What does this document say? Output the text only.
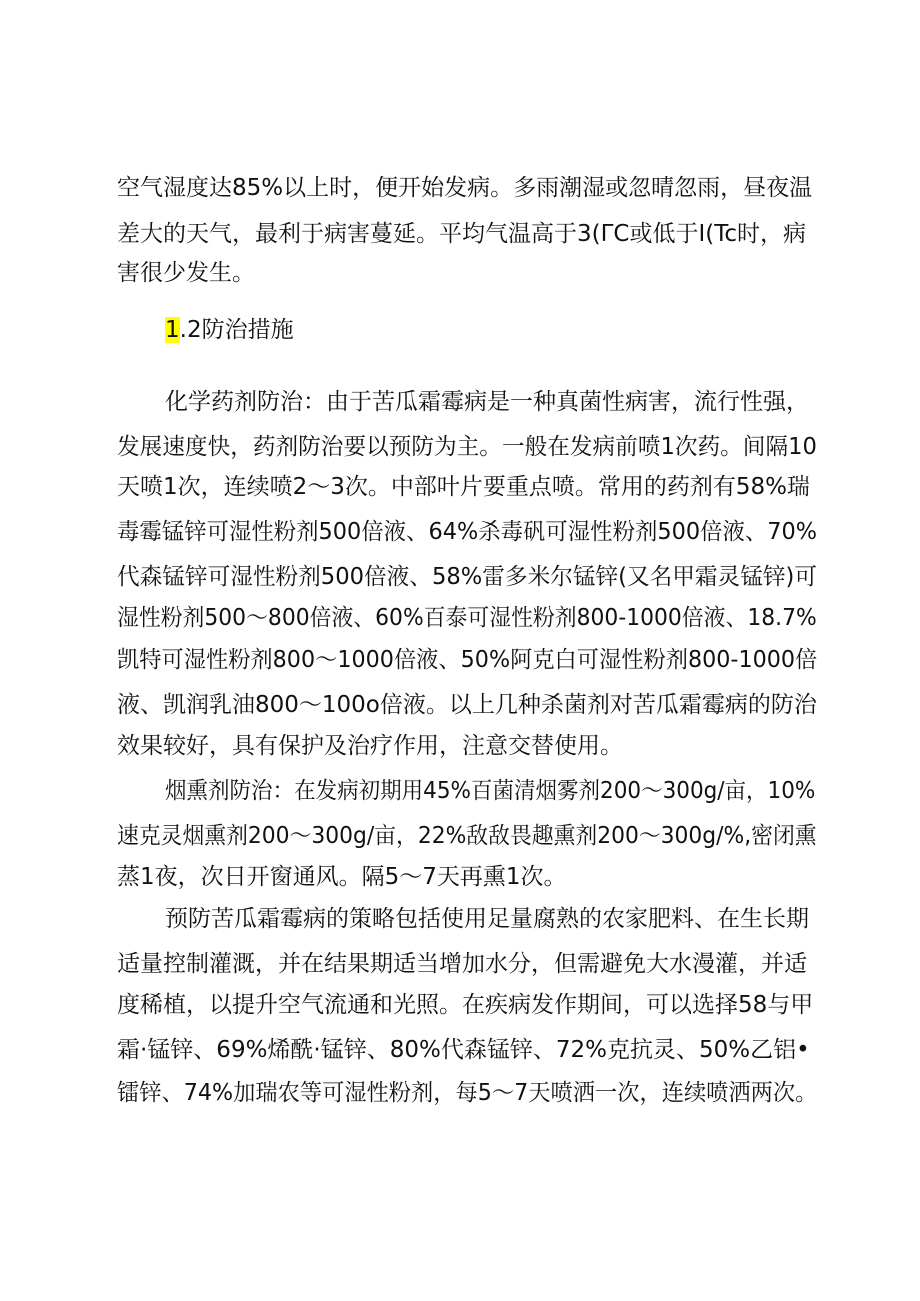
空气湿度达85%以上时，便开始发病。多雨潮湿或忽晴忽雨，昼夜温
差大的天气，最利于病害蔓延。平均气温高于3(ΓC或低于I(Tc时，病
害很少发生。
1.2防治措施
化学药剂防治：由于苦瓜霜霉病是一种真菌性病害，流行性强，
发展速度快，药剂防治要以预防为主。一般在发病前喷1次药。间隔10
天喷1次，连续喷2～3次。中部叶片要重点喷。常用的药剂有58%瑞
毒霉锰锌可湿性粉剂500倍液、64%杀毒矾可湿性粉剂500倍液、70%
代森锰锌可湿性粉剂500倍液、58%雷多米尔锰锌(又名甲霜灵锰锌)可
湿性粉剂500～800倍液、60%百泰可湿性粉剂800-1000倍液、18.7%
凯特可湿性粉剂800～1000倍液、50%阿克白可湿性粉剂800-1000倍
液、凯润乳油800～100o倍液。以上几种杀菌剂对苦瓜霜霉病的防治
效果较好，具有保护及治疗作用，注意交替使用。
烟熏剂防治：在发病初期用45%百菌清烟雾剂200～300g/亩，10%
速克灵烟熏剂200～300g/亩，22%敌敌畏趣熏剂200～300g/%,密闭熏
蒸1夜，次日开窗通风。隔5～7天再熏1次。
预防苦瓜霜霉病的策略包括使用足量腐熟的农家肥料、在生长期
适量控制灌溉，并在结果期适当增加水分，但需避免大水漫灌，并适
度稀植，以提升空气流通和光照。在疾病发作期间，可以选择58与甲
霜·锰锌、69%烯酰·锰锌、80%代森锰锌、72%克抗灵、50%乙铝•
镭锌、74%加瑞农等可湿性粉剂，每5～7天喷洒一次，连续喷洒两次。
